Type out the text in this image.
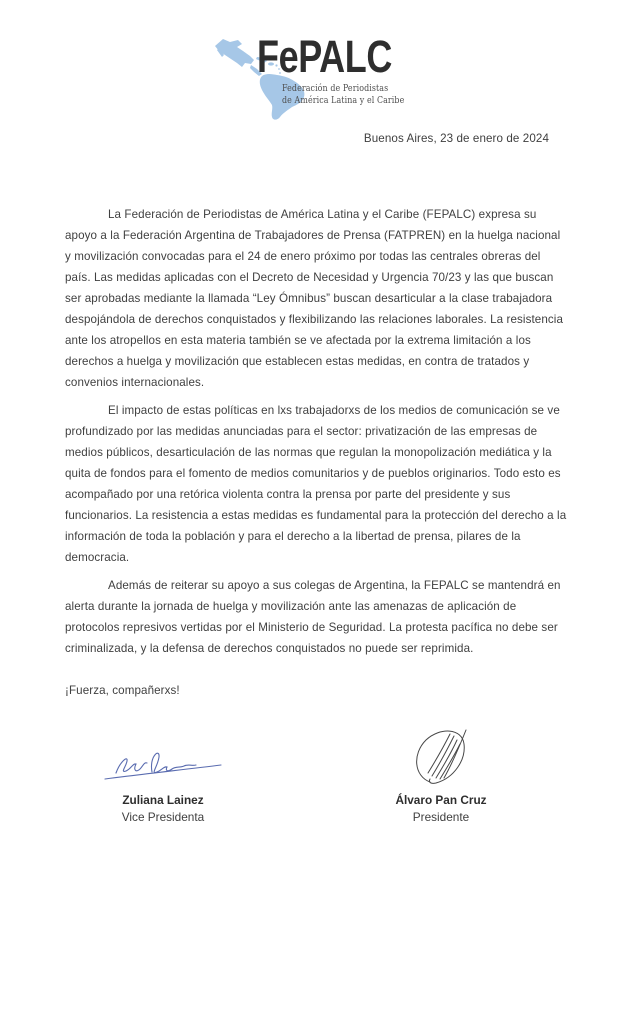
FePALC
Federación de Periodistas
de América Latina y el Caribe
Buenos Aires, 23 de enero de 2024
La Federación de Periodistas de América Latina y el Caribe (FEPALC) expresa su
apoyo a la Federación Argentina de Trabajadores de Prensa (FATPREN) en la huelga nacional
y movilización convocadas para el 24 de enero próximo por todas las centrales obreras del
país. Las medidas aplicadas con el Decreto de Necesidad y Urgencia 70/23 y las que buscan
ser aprobadas mediante la llamada “Ley Ómnibus” buscan desarticular a la clase trabajadora
despojándola de derechos conquistados y flexibilizando las relaciones laborales. La resistencia
ante los atropellos en esta materia también se ve afectada por la extrema limitación a los
derechos a huelga y movilización que establecen estas medidas, en contra de tratados y
convenios internacionales.
El impacto de estas políticas en lxs trabajadorxs de los medios de comunicación se ve
profundizado por las medidas anunciadas para el sector: privatización de las empresas de
medios públicos, desarticulación de las normas que regulan la monopolización mediática y la
quita de fondos para el fomento de medios comunitarios y de pueblos originarios. Todo esto es
acompañado por una retórica violenta contra la prensa por parte del presidente y sus
funcionarios. La resistencia a estas medidas es fundamental para la protección del derecho a la
información de toda la población y para el derecho a la libertad de prensa, pilares de la
democracia.
Además de reiterar su apoyo a sus colegas de Argentina, la FEPALC se mantendrá en
alerta durante la jornada de huelga y movilización ante las amenazas de aplicación de
protocolos represivos vertidas por el Ministerio de Seguridad. La protesta pacífica no debe ser
criminalizada, y la defensa de derechos conquistados no puede ser reprimida.
¡Fuerza, compañerxs!
Zuliana Lainez
Vice Presidenta
Álvaro Pan Cruz
Presidente
